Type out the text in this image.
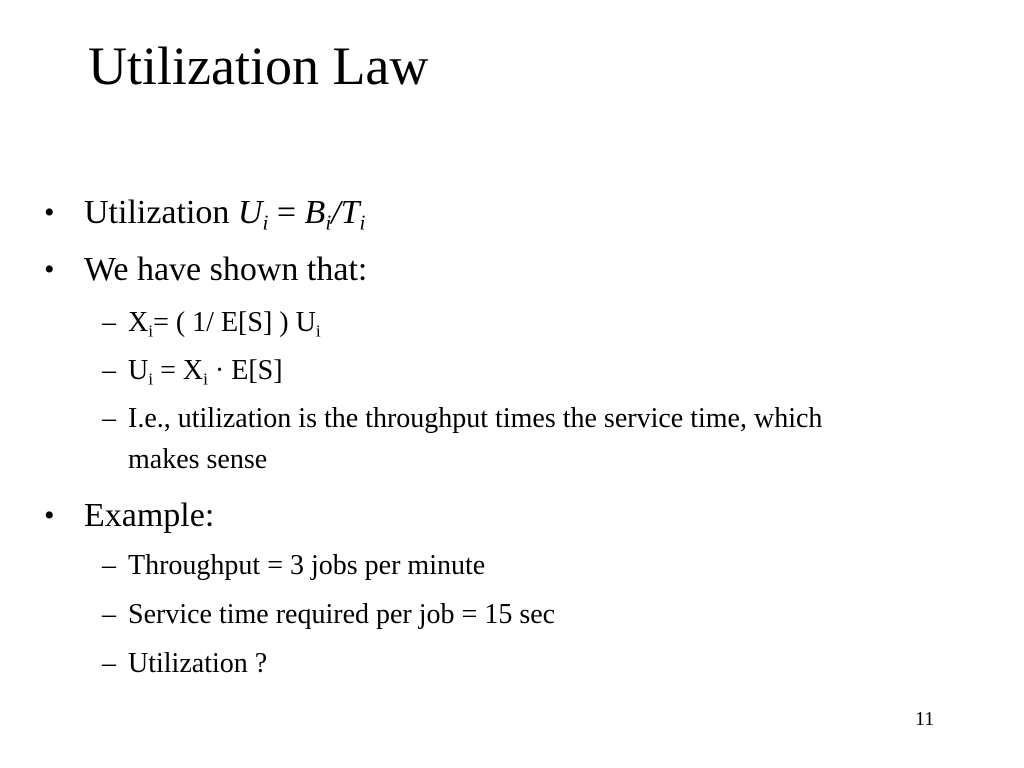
Utilization Law
• Utilization $U_i = B_i/T_i$
• We have shown that:
– $X_i=$ ( 1/ E[S] ) $U_i$
– $U_i = X_i \cdot E[S]$
– I.e., utilization is the throughput times the service time, which
makes sense
• Example:
– Throughput = 3 jobs per minute
– Service time required per job = 15 sec
– Utilization ?
11
